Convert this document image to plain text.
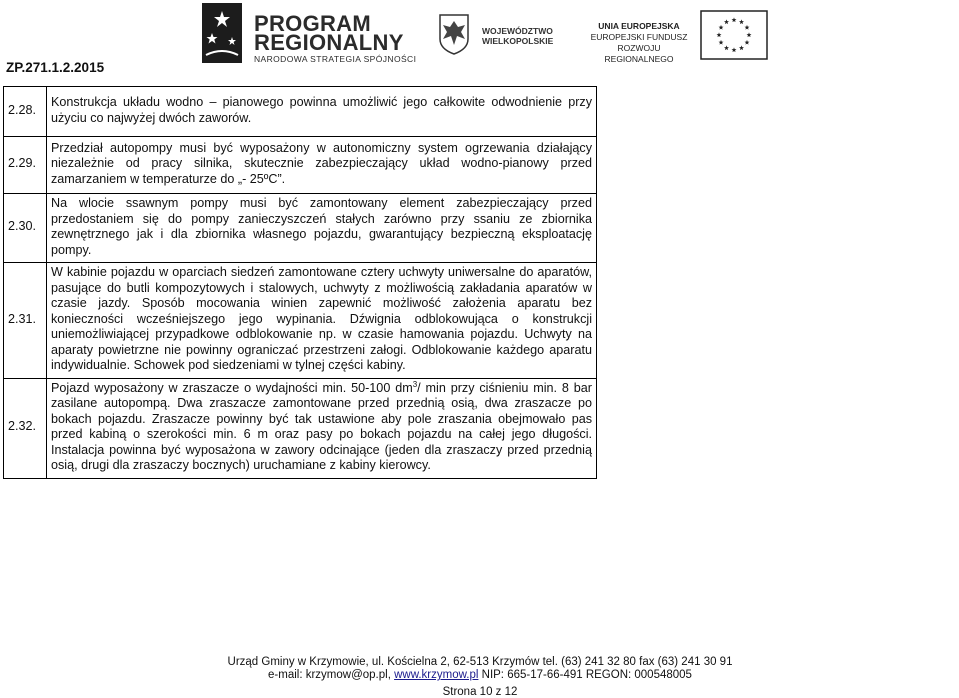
ZP.271.1.2.2015
PROGRAM
REGIONALNY
NARODOWA STRATEGIA SPÓJNOŚCI
WOJEWÓDZTWO
WIELKOPOLSKIE
UNIA EUROPEJSKA
EUROPEJSKI FUNDUSZ
ROZWOJU REGIONALNEGO
2.28.	Konstrukcja układu wodno – pianowego powinna umożliwić jego całkowite odwodnienie przy użyciu co najwyżej dwóch zaworów.
2.29.	Przedział autopompy musi być wyposażony w autonomiczny system ogrzewania działający niezależnie od pracy silnika, skutecznie zabezpieczający układ wodno-pianowy przed zamarzaniem w temperaturze do „- 25ºC”.
2.30.	Na wlocie ssawnym pompy musi być zamontowany element zabezpieczający przed przedostaniem się do pompy zanieczyszczeń stałych zarówno przy ssaniu ze zbiornika zewnętrznego jak i dla zbiornika własnego pojazdu, gwarantujący bezpieczną eksploatację pompy.
2.31.	W kabinie pojazdu w oparciach siedzeń zamontowane cztery uchwyty uniwersalne do aparatów, pasujące do butli kompozytowych i stalowych, uchwyty z możliwością zakładania aparatów w czasie jazdy. Sposób mocowania winien zapewnić możliwość założenia aparatu bez konieczności wcześniejszego jego wypinania. Dźwignia odblokowująca o konstrukcji uniemożliwiającej przypadkowe odblokowanie np. w czasie hamowania pojazdu. Uchwyty na aparaty powietrzne nie powinny ograniczać przestrzeni załogi. Odblokowanie każdego aparatu indywidualnie. Schowek pod siedzeniami w tylnej części kabiny.
2.32.	Pojazd wyposażony w zraszacze o wydajności min. 50-100 $dm^3/$ min przy ciśnieniu min. 8 bar zasilane autopompą. Dwa zraszacze zamontowane przed przednią osią, dwa zraszacze po bokach pojazdu. Zraszacze powinny być tak ustawione aby pole zraszania obejmowało pas przed kabiną o szerokości min. 6 m oraz pasy po bokach pojazdu na całej jego długości. Instalacja powinna być wyposażona w zawory odcinające (jeden dla zraszaczy przed przednią osią, drugi dla zraszaczy bocznych) uruchamiane z kabiny kierowcy.
Urząd Gminy w Krzymowie, ul. Kościelna 2, 62-513 Krzymów tel. (63) 241 32 80 fax (63) 241 30 91
e-mail: krzymow@op.pl, www.krzymow.pl NIP: 665-17-66-491 REGON: 000548005
Strona 10 z 12
